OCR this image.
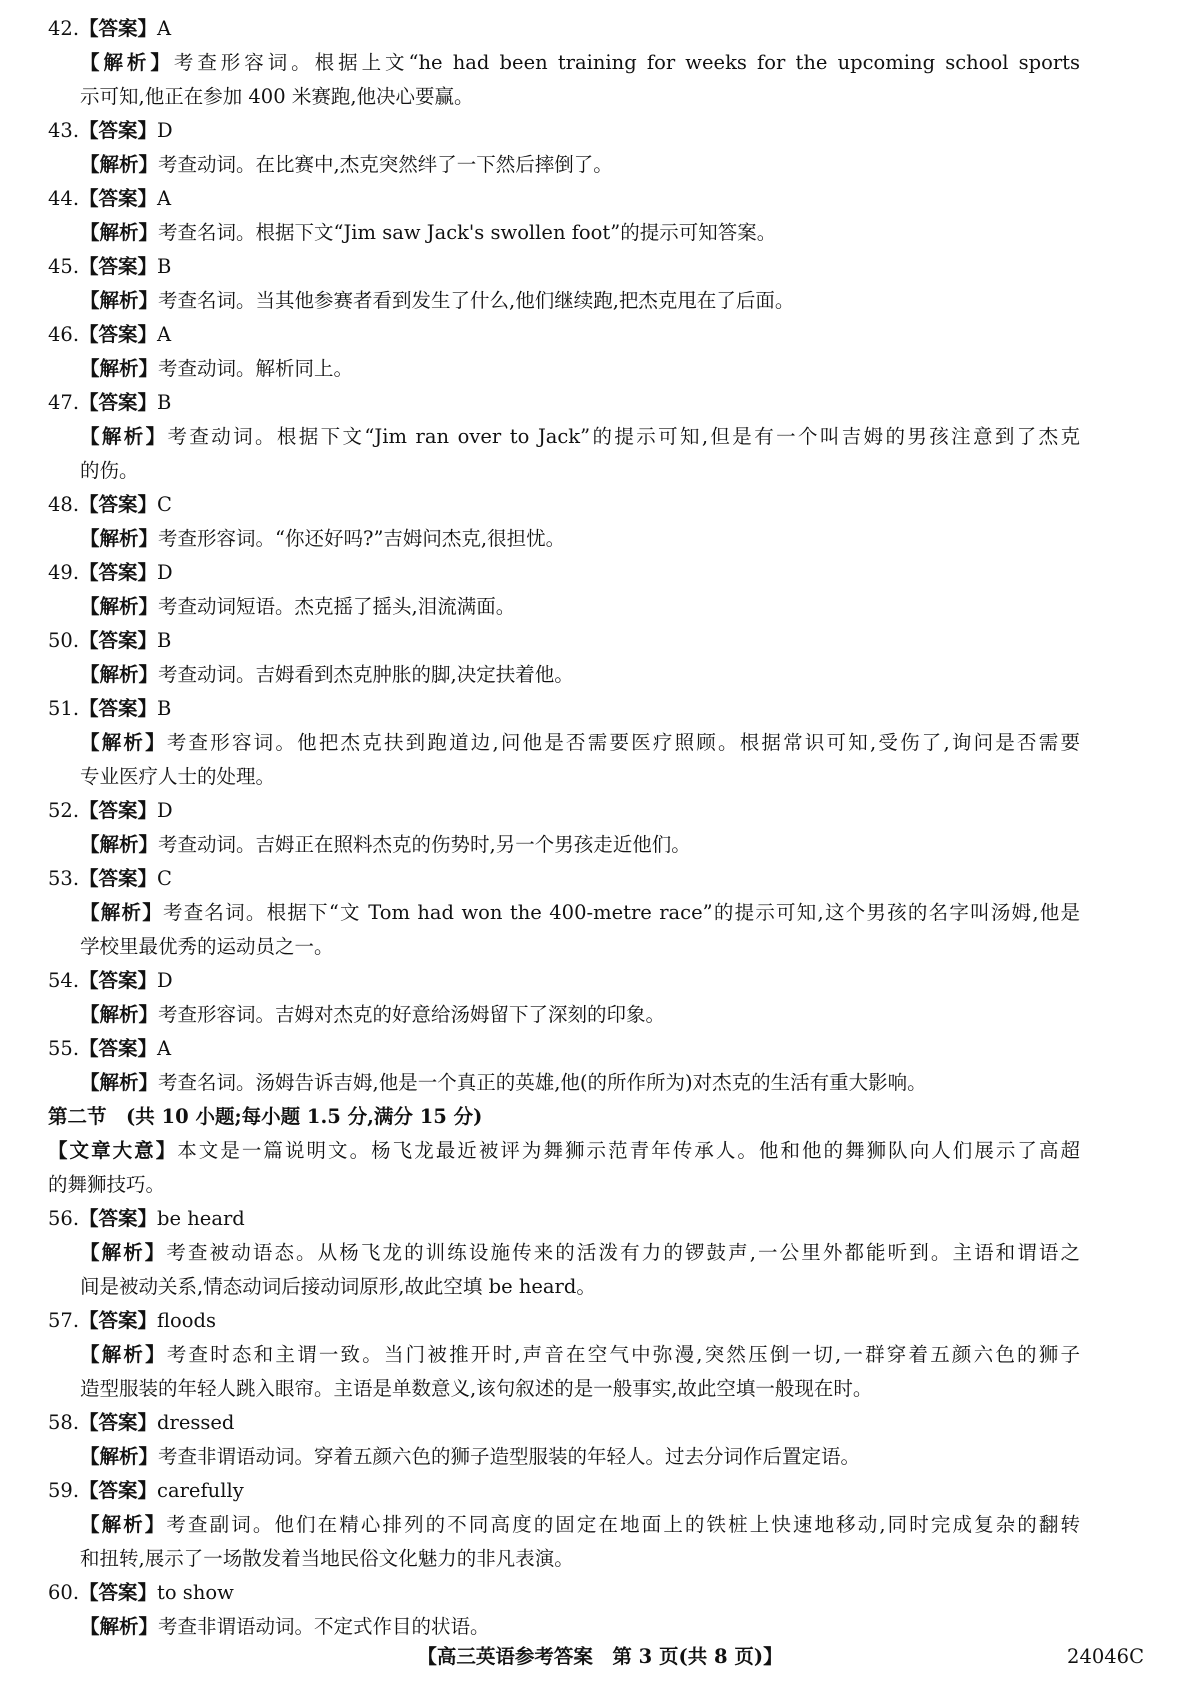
42.【答案】A
【解析】考查形容词。根据上文“he had been training for weeks for the upcoming school sports
示可知,他正在参加 400 米赛跑,他决心要赢。
43.【答案】D
【解析】考查动词。在比赛中,杰克突然绊了一下然后摔倒了。
44.【答案】A
【解析】考查名词。根据下文“Jim saw Jack's swollen foot”的提示可知答案。
45.【答案】B
【解析】考查名词。当其他参赛者看到发生了什么,他们继续跑,把杰克甩在了后面。
46.【答案】A
【解析】考查动词。解析同上。
47.【答案】B
【解析】考查动词。根据下文“Jim ran over to Jack”的提示可知,但是有一个叫吉姆的男孩注意到了杰克
的伤。
48.【答案】C
【解析】考查形容词。“你还好吗?”吉姆问杰克,很担忧。
49.【答案】D
【解析】考查动词短语。杰克摇了摇头,泪流满面。
50.【答案】B
【解析】考查动词。吉姆看到杰克肿胀的脚,决定扶着他。
51.【答案】B
【解析】考查形容词。他把杰克扶到跑道边,问他是否需要医疗照顾。根据常识可知,受伤了,询问是否需要
专业医疗人士的处理。
52.【答案】D
【解析】考查动词。吉姆正在照料杰克的伤势时,另一个男孩走近他们。
53.【答案】C
【解析】考查名词。根据下“文 Tom had won the 400-metre race”的提示可知,这个男孩的名字叫汤姆,他是
学校里最优秀的运动员之一。
54.【答案】D
【解析】考查形容词。吉姆对杰克的好意给汤姆留下了深刻的印象。
55.【答案】A
【解析】考查名词。汤姆告诉吉姆,他是一个真正的英雄,他(的所作所为)对杰克的生活有重大影响。
第二节　(共 10 小题;每小题 1.5 分,满分 15 分)
【文章大意】本文是一篇说明文。杨飞龙最近被评为舞狮示范青年传承人。他和他的舞狮队向人们展示了高超
的舞狮技巧。
56.【答案】be heard
【解析】考查被动语态。从杨飞龙的训练设施传来的活泼有力的锣鼓声,一公里外都能听到。主语和谓语之
间是被动关系,情态动词后接动词原形,故此空填 be heard。
57.【答案】floods
【解析】考查时态和主谓一致。当门被推开时,声音在空气中弥漫,突然压倒一切,一群穿着五颜六色的狮子
造型服装的年轻人跳入眼帘。主语是单数意义,该句叙述的是一般事实,故此空填一般现在时。
58.【答案】dressed
【解析】考查非谓语动词。穿着五颜六色的狮子造型服装的年轻人。过去分词作后置定语。
59.【答案】carefully
【解析】考查副词。他们在精心排列的不同高度的固定在地面上的铁桩上快速地移动,同时完成复杂的翻转
和扭转,展示了一场散发着当地民俗文化魅力的非凡表演。
60.【答案】to show
【解析】考查非谓语动词。不定式作目的状语。
【高三英语参考答案　第 3 页(共 8 页)】	24046C
